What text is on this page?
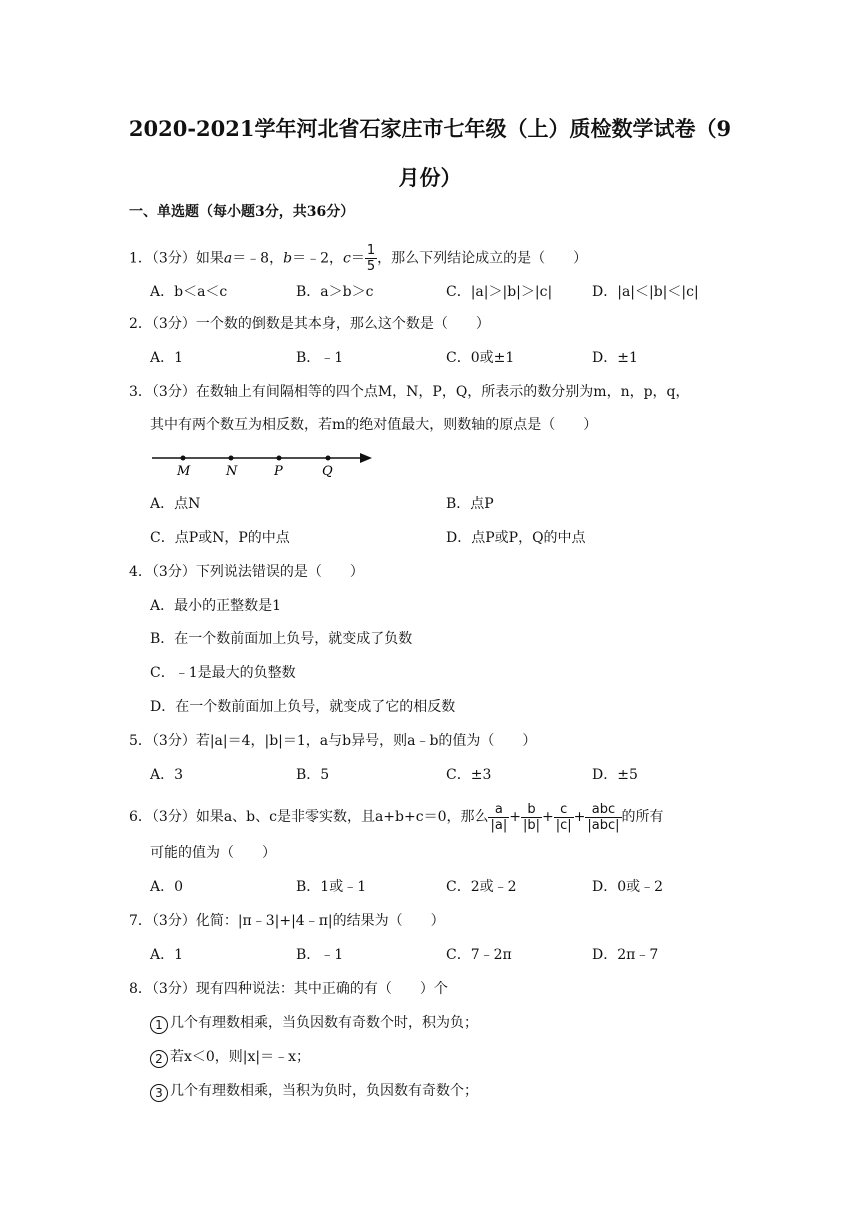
2020-2021学年河北省石家庄市七年级（上）质检数学试卷（9
月份）
一、单选题（每小题3分，共36分）
1．（3分）如果a＝﹣8，b＝﹣2，$c= \frac{1}{5}$ ，那么下列结论成立的是（　　）
A．b＜a＜c	B．a＞b＞c	C．|a|＞|b|＞|c|	D．|a|＜|b|＜|c|
2．（3分）一个数的倒数是其本身，那么这个数是（　　）
A．1	B．﹣1	C．0或±1	D．±1
3．（3分）在数轴上有间隔相等的四个点M，N，P，Q，所表示的数分别为m，n，p，q，
其中有两个数互为相反数，若m的绝对值最大，则数轴的原点是（　　）
M	N	P	Q
A．点N	B．点P
C．点P或N，P的中点	D．点P或P，Q的中点
4．（3分）下列说法错误的是（　　）
A．最小的正整数是1
B．在一个数前面加上负号，就变成了负数
C．﹣1是最大的负整数
D．在一个数前面加上负号，就变成了它的相反数
5．（3分）若|a|＝4，|b|＝1，a与b异号，则a﹣b的值为（　　）
A．3	B．5	C．±3	D．±5
6．（3分）如果a、b、c是非零实数，且a+b+c＝0，那么 $\frac{a}{|a|} + \frac{b}{|b|} + \frac{c}{|c|} + \frac{\text{abc}}{\text{|abc|}}$ 的所有
可能的值为（　　）
A．0	B．1或﹣1	C．2或﹣2	D．0或﹣2
7．（3分）化简：|π﹣3|+|4﹣π|的结果为（　　）
A．1	B．﹣1	C．7﹣2π	D．2π﹣7
8．（3分）现有四种说法：其中正确的有（　　）个
1 几个有理数相乘，当负因数有奇数个时，积为负；
2 若x＜0，则|x|＝﹣x；
3 几个有理数相乘，当积为负时，负因数有奇数个；
